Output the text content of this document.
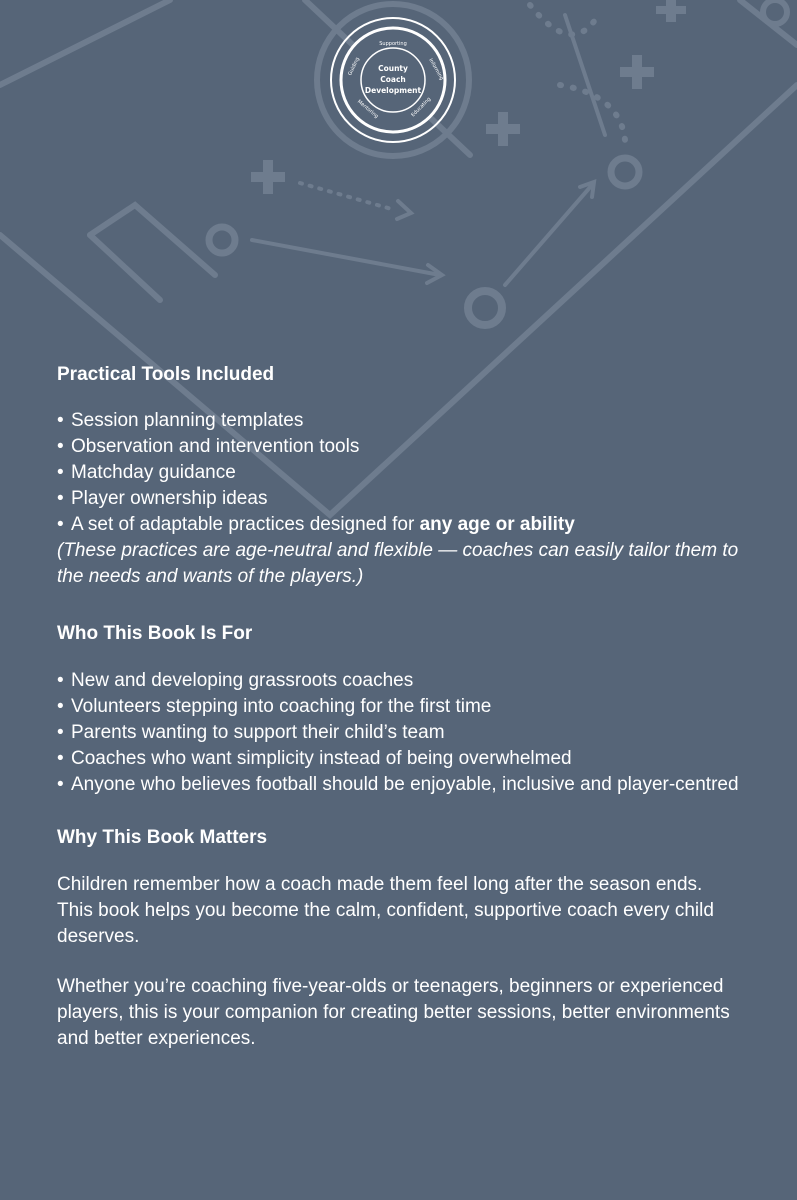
County
Coach
Development
Supporting
Informing
Educating
Mentoring
Guiding
Practical Tools Included
• Session planning templates
• Observation and intervention tools
• Matchday guidance
• Player ownership ideas
• A set of adaptable practices designed for any age or ability
(These practices are age-neutral and flexible — coaches can easily tailor them to the needs and wants of the players.)
Who This Book Is For
• New and developing grassroots coaches
• Volunteers stepping into coaching for the first time
• Parents wanting to support their child’s team
• Coaches who want simplicity instead of being overwhelmed
• Anyone who believes football should be enjoyable, inclusive and player-centred
Why This Book Matters

Children remember how a coach made them feel long after the season ends.

This book helps you become the calm, confident, supportive coach every child deserves.

Whether you’re coaching five-year-olds or teenagers, beginners or experienced players, this is your companion for creating better sessions, better environments and better experiences.
